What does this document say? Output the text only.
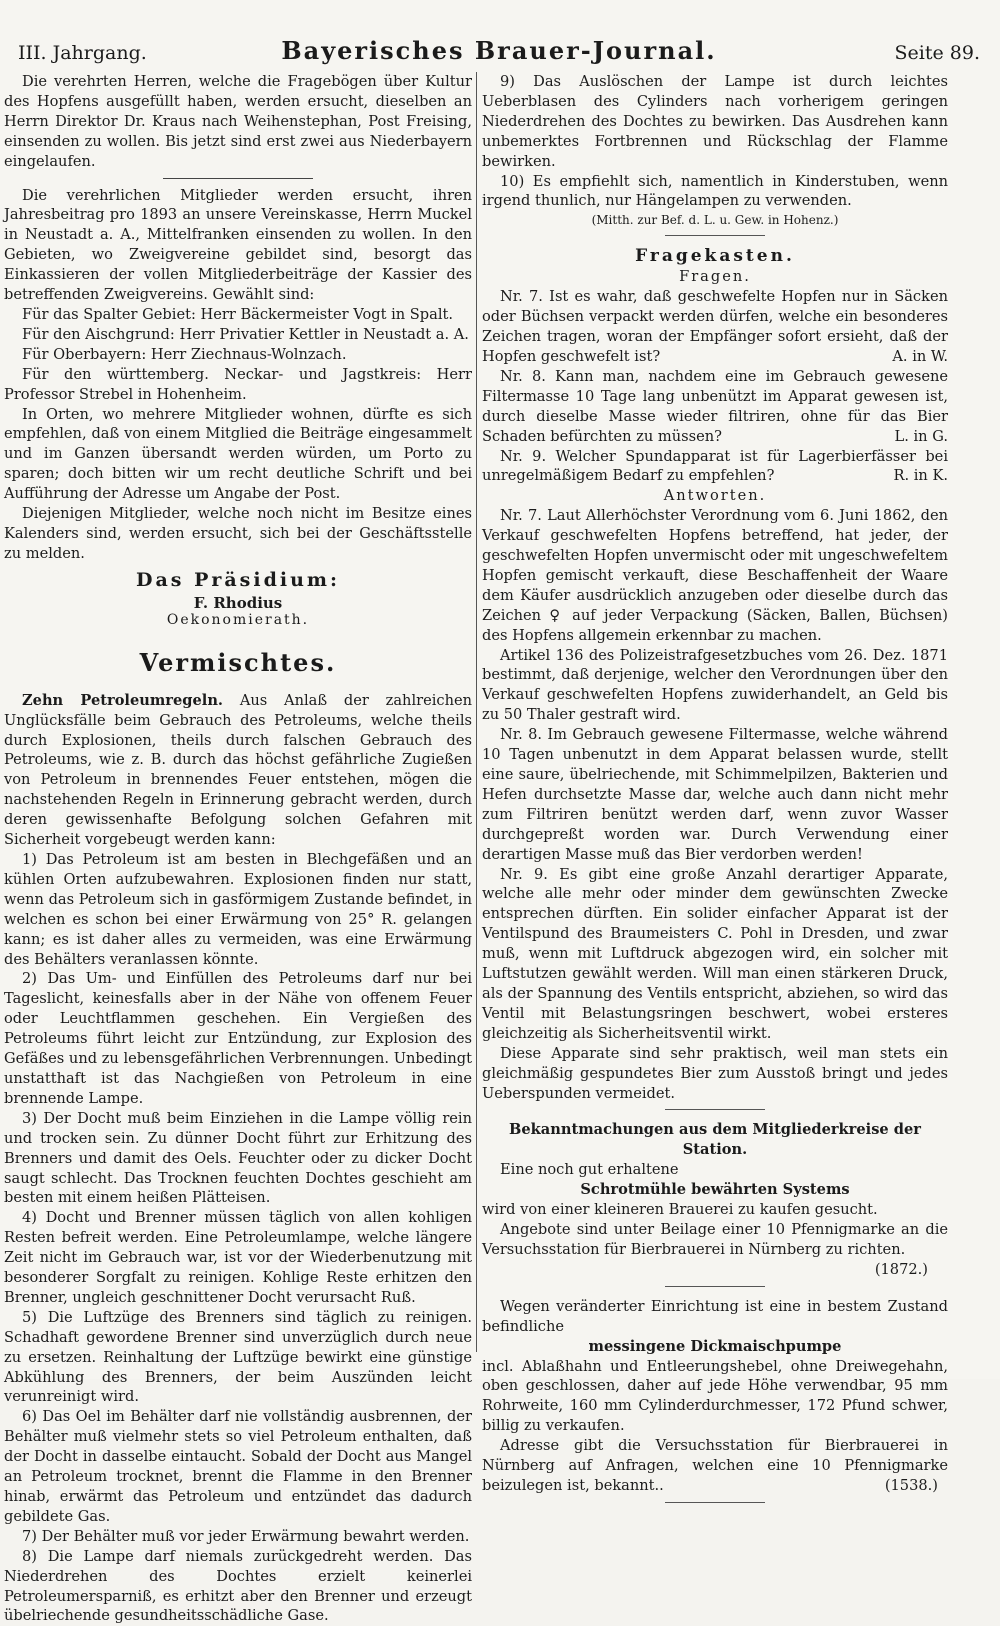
III. Jahrgang.	Bayerisches Brauer-Journal.	Seite 89.

Die verehrten Herren, welche die Fragebögen über Kultur des Hopfens ausgefüllt haben, werden ersucht, dieselben an Herrn Direktor Dr. Kraus nach Weihenstephan, Post Freising, einsenden zu wollen. Bis jetzt sind erst zwei aus Niederbayern eingelaufen.

Die verehrlichen Mitglieder werden ersucht, ihren Jahresbeitrag pro 1893 an unsere Vereinskasse, Herrn Muckel in Neustadt a. A., Mittelfranken einsenden zu wollen. In den Gebieten, wo Zweigvereine gebildet sind, besorgt das Einkassieren der vollen Mitgliederbeiträge der Kassier des betreffenden Zweigvereins. Gewählt sind:

Für das Spalter Gebiet: Herr Bäckermeister Vogt in Spalt.

Für den Aischgrund: Herr Privatier Kettler in Neustadt a. A.

Für Oberbayern: Herr Ziechnaus-Wolnzach.

Für den württemberg. Neckar- und Jagstkreis: Herr Professor Strebel in Hohenheim.

In Orten, wo mehrere Mitglieder wohnen, dürfte es sich empfehlen, daß von einem Mitglied die Beiträge eingesammelt und im Ganzen übersandt werden würden, um Porto zu sparen; doch bitten wir um recht deutliche Schrift und bei Aufführung der Adresse um Angabe der Post.

Diejenigen Mitglieder, welche noch nicht im Besitze eines Kalenders sind, werden ersucht, sich bei der Geschäftsstelle zu melden.

Das Präsidium:
F. Rhodius
Oekonomierath.
Vermischtes.

Zehn Petroleumregeln. Aus Anlaß der zahlreichen Unglücksfälle beim Gebrauch des Petroleums, welche theils durch Explosionen, theils durch falschen Gebrauch des Petroleums, wie z. B. durch das höchst gefährliche Zugießen von Petroleum in brennendes Feuer entstehen, mögen die nachstehenden Regeln in Erinnerung gebracht werden, durch deren gewissenhafte Befolgung solchen Gefahren mit Sicherheit vorgebeugt werden kann:

1) Das Petroleum ist am besten in Blechgefäßen und an kühlen Orten aufzubewahren. Explosionen finden nur statt, wenn das Petroleum sich in gasförmigem Zustande befindet, in welchen es schon bei einer Erwärmung von 25° R. gelangen kann; es ist daher alles zu vermeiden, was eine Erwärmung des Behälters veranlassen könnte.

2) Das Um- und Einfüllen des Petroleums darf nur bei Tageslicht, keinesfalls aber in der Nähe von offenem Feuer oder Leuchtflammen geschehen. Ein Vergießen des Petroleums führt leicht zur Entzündung, zur Explosion des Gefäßes und zu lebensgefährlichen Verbrennungen. Unbedingt unstatthaft ist das Nachgießen von Petroleum in eine brennende Lampe.

3) Der Docht muß beim Einziehen in die Lampe völlig rein und trocken sein. Zu dünner Docht führt zur Erhitzung des Brenners und damit des Oels. Feuchter oder zu dicker Docht saugt schlecht. Das Trocknen feuchten Dochtes geschieht am besten mit einem heißen Plätteisen.

4) Docht und Brenner müssen täglich von allen kohligen Resten befreit werden. Eine Petroleumlampe, welche längere Zeit nicht im Gebrauch war, ist vor der Wiederbenutzung mit besonderer Sorgfalt zu reinigen. Kohlige Reste erhitzen den Brenner, ungleich geschnittener Docht verursacht Ruß.

5) Die Luftzüge des Brenners sind täglich zu reinigen. Schadhaft gewordene Brenner sind unverzüglich durch neue zu ersetzen. Reinhaltung der Luftzüge bewirkt eine günstige Abkühlung des Brenners, der beim Auszünden leicht verunreinigt wird.

6) Das Oel im Behälter darf nie vollständig ausbrennen, der Behälter muß vielmehr stets so viel Petroleum enthalten, daß der Docht in dasselbe eintaucht. Sobald der Docht aus Mangel an Petroleum trocknet, brennt die Flamme in den Brenner hinab, erwärmt das Petroleum und entzündet das dadurch gebildete Gas.

7) Der Behälter muß vor jeder Erwärmung bewahrt werden.

8) Die Lampe darf niemals zurückgedreht werden. Das Niederdrehen des Dochtes erzielt keinerlei Petroleumersparniß, es erhitzt aber den Brenner und erzeugt übelriechende gesundheitsschädliche Gase.

9) Das Auslöschen der Lampe ist durch leichtes Ueberblasen des Cylinders nach vorherigem geringen Niederdrehen des Dochtes zu bewirken. Das Ausdrehen kann unbemerktes Fortbrennen und Rückschlag der Flamme bewirken.

10) Es empfiehlt sich, namentlich in Kinderstuben, wenn irgend thunlich, nur Hängelampen zu verwenden.

(Mitth. zur Bef. d. L. u. Gew. in Hohenz.)
Fragekasten.
Fragen.

Nr. 7. Ist es wahr, daß geschwefelte Hopfen nur in Säcken oder Büchsen verpackt werden dürfen, welche ein besonderes Zeichen tragen, woran der Empfänger sofort ersieht, daß der Hopfen geschwefelt ist?	A. in W.

Nr. 8. Kann man, nachdem eine im Gebrauch gewesene Filtermasse 10 Tage lang unbenützt im Apparat gewesen ist, durch dieselbe Masse wieder filtriren, ohne für das Bier Schaden befürchten zu müssen?	L. in G.

Nr. 9. Welcher Spundapparat ist für Lagerbierfässer bei unregelmäßigem Bedarf zu empfehlen?	R. in K.

Antworten.

Nr. 7. Laut Allerhöchster Verordnung vom 6. Juni 1862, den Verkauf geschwefelten Hopfens betreffend, hat jeder, der geschwefelten Hopfen unvermischt oder mit ungeschwefeltem Hopfen gemischt verkauft, diese Beschaffenheit der Waare dem Käufer ausdrücklich anzugeben oder dieselbe durch das Zeichen ♀ auf jeder Verpackung (Säcken, Ballen, Büchsen) des Hopfens allgemein erkennbar zu machen.

Artikel 136 des Polizeistrafgesetzbuches vom 26. Dez. 1871 bestimmt, daß derjenige, welcher den Verordnungen über den Verkauf geschwefelten Hopfens zuwiderhandelt, an Geld bis zu 50 Thaler gestraft wird.

Nr. 8. Im Gebrauch gewesene Filtermasse, welche während 10 Tagen unbenutzt in dem Apparat belassen wurde, stellt eine saure, übelriechende, mit Schimmelpilzen, Bakterien und Hefen durchsetzte Masse dar, welche auch dann nicht mehr zum Filtriren benützt werden darf, wenn zuvor Wasser durchgepreßt worden war. Durch Verwendung einer derartigen Masse muß das Bier verdorben werden!

Nr. 9. Es gibt eine große Anzahl derartiger Apparate, welche alle mehr oder minder dem gewünschten Zwecke entsprechen dürften. Ein solider einfacher Apparat ist der Ventilspund des Braumeisters C. Pohl in Dresden, und zwar muß, wenn mit Luftdruck abgezogen wird, ein solcher mit Luftstutzen gewählt werden. Will man einen stärkeren Druck, als der Spannung des Ventils entspricht, abziehen, so wird das Ventil mit Belastungsringen beschwert, wobei ersteres gleichzeitig als Sicherheitsventil wirkt.

Diese Apparate sind sehr praktisch, weil man stets ein gleichmäßig gespundetes Bier zum Ausstoß bringt und jedes Ueberspunden vermeidet.

Bekanntmachungen aus dem Mitgliederkreise der Station.

Eine noch gut erhaltene

Schrotmühle bewährten Systems

wird von einer kleineren Brauerei zu kaufen gesucht.

Angebote sind unter Beilage einer 10 Pfennigmarke an die Versuchsstation für Bierbrauerei in Nürnberg zu richten.

(1872.)

Wegen veränderter Einrichtung ist eine in bestem Zustand befindliche

messingene Dickmaischpumpe

incl. Ablaßhahn und Entleerungshebel, ohne Dreiwegehahn, oben geschlossen, daher auf jede Höhe verwendbar, 95 mm Rohrweite, 160 mm Cylinderdurchmesser, 172 Pfund schwer, billig zu verkaufen.

Adresse gibt die Versuchsstation für Bierbrauerei in Nürnberg auf Anfragen, welchen eine 10 Pfennigmarke beizulegen ist, bekannt..	(1538.)
